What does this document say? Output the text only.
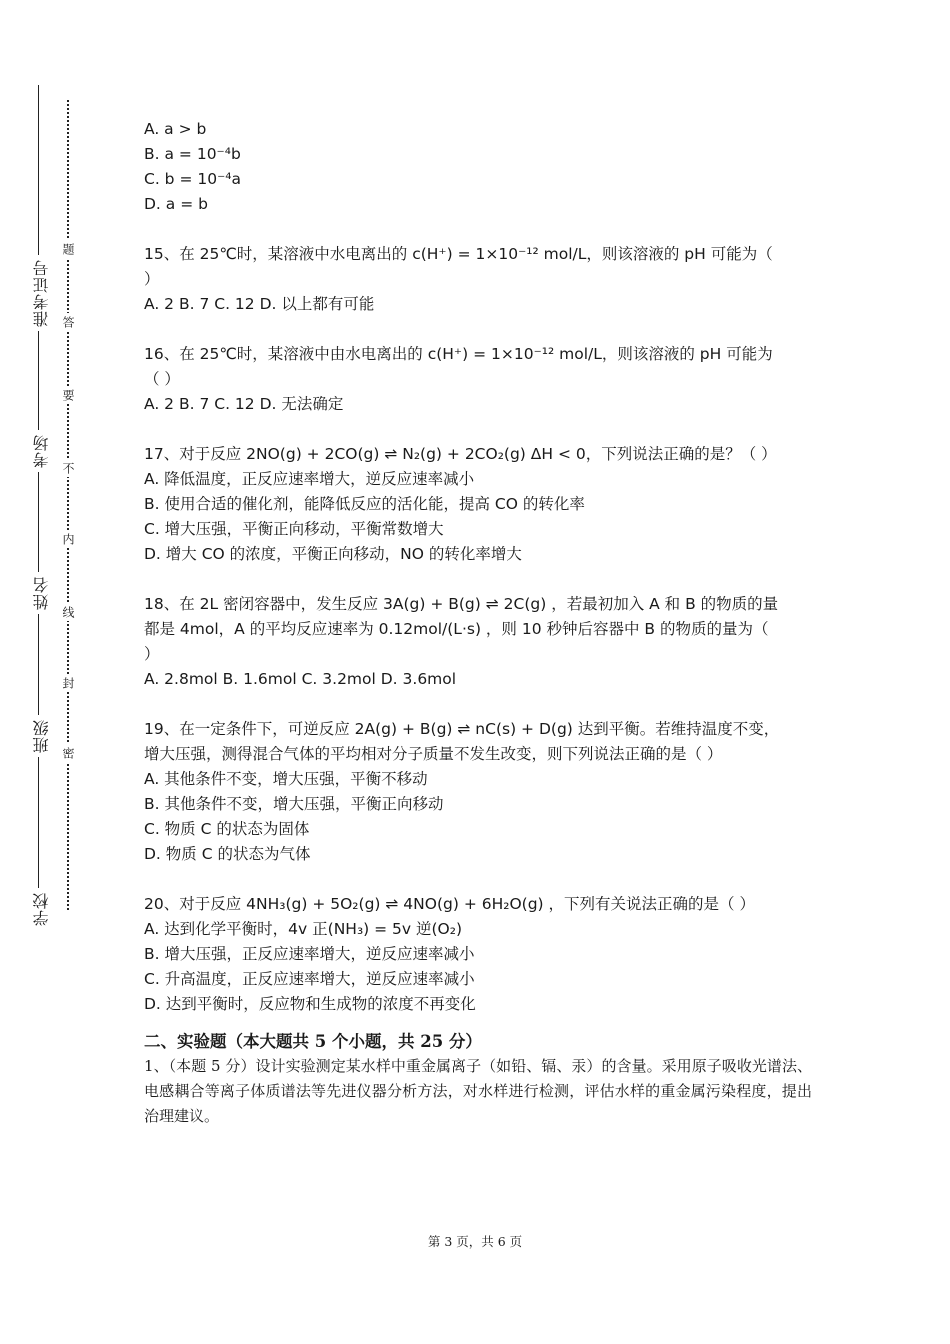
准考证号
考场
姓名
班级
学校
题
答
要
不
内
线
封
密
A. a > b
B. a = 10⁻⁴b
C. b = 10⁻⁴a
D. a = b
15、在 25℃时，某溶液中水电离出的 c(H⁺) = 1×10⁻¹² mol/L，则该溶液的 pH 可能为（
）
A. 2 B. 7 C. 12 D. 以上都有可能
16、在 25℃时，某溶液中由水电离出的 c(H⁺) = 1×10⁻¹² mol/L，则该溶液的 pH 可能为
（ ）
A. 2 B. 7 C. 12 D. 无法确定
17、对于反应 2NO(g) + 2CO(g) ⇌ N₂(g) + 2CO₂(g) ΔH < 0，下列说法正确的是？（ ）
A. 降低温度，正反应速率增大，逆反应速率减小
B. 使用合适的催化剂，能降低反应的活化能，提高 CO 的转化率
C. 增大压强，平衡正向移动，平衡常数增大
D. 增大 CO 的浓度，平衡正向移动，NO 的转化率增大
18、在 2L 密闭容器中，发生反应 3A(g) + B(g) ⇌ 2C(g) ，若最初加入 A 和 B 的物质的量
都是 4mol，A 的平均反应速率为 0.12mol/(L·s) ，则 10 秒钟后容器中 B 的物质的量为（
）
A. 2.8mol B. 1.6mol C. 3.2mol D. 3.6mol
19、在一定条件下，可逆反应 2A(g) + B(g) ⇌ nC(s) + D(g) 达到平衡。若维持温度不变，
增大压强，测得混合气体的平均相对分子质量不发生改变，则下列说法正确的是（ ）
A. 其他条件不变，增大压强，平衡不移动
B. 其他条件不变，增大压强，平衡正向移动
C. 物质 C 的状态为固体
D. 物质 C 的状态为气体
20、对于反应 4NH₃(g) + 5O₂(g) ⇌ 4NO(g) + 6H₂O(g) ，下列有关说法正确的是（ ）
A. 达到化学平衡时，4v 正(NH₃) = 5v 逆(O₂)
B. 增大压强，正反应速率增大，逆反应速率减小
C. 升高温度，正反应速率增大，逆反应速率减小
D. 达到平衡时，反应物和生成物的浓度不再变化
二、实验题（本大题共 5 个小题，共 25 分）
1、（本题 5 分）设计实验测定某水样中重金属离子（如铅、镉、汞）的含量。采用原子吸收光谱法、电感耦合等离子体质谱法等先进仪器分析方法，对水样进行检测，评估水样的重金属污染程度，提出治理建议。
第 3 页，共 6 页
